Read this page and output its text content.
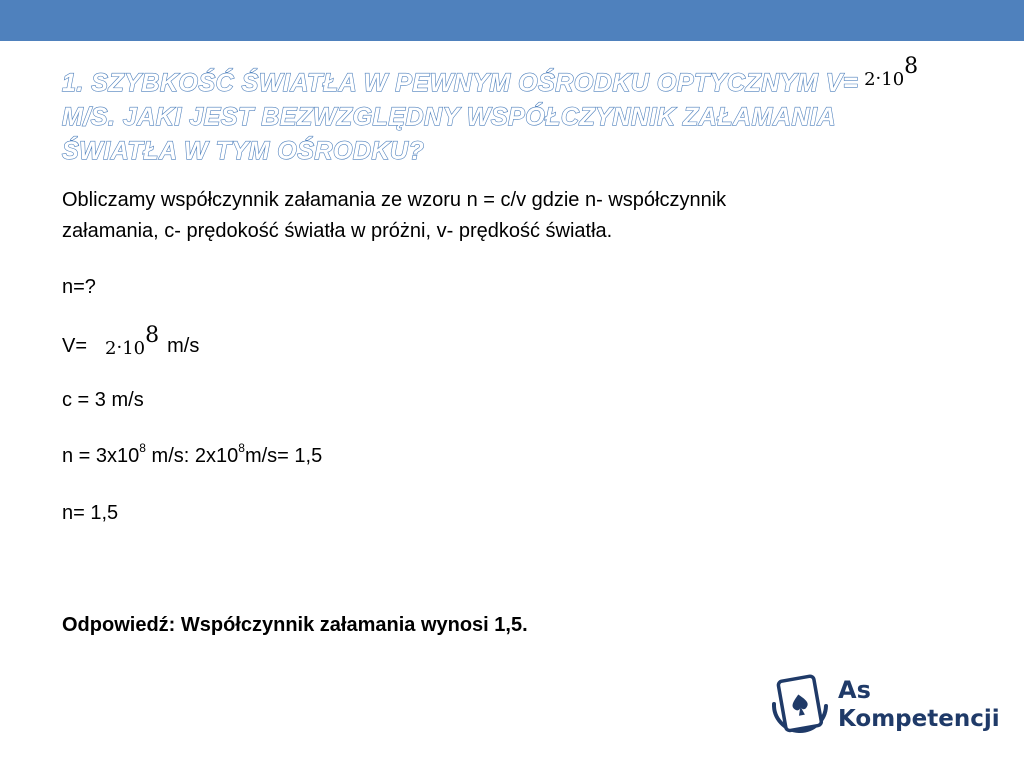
1. SZYBKOŚĆ ŚWIATŁA W PEWNYM OŚRODKU OPTYCZNYM V= 2·108
M/S. JAKI JEST BEZWZGLĘDNY WSPÓŁCZYNNIK ZAŁAMANIA
ŚWIATŁA W TYM OŚRODKU?
Obliczamy współczynnik załamania ze wzoru n = c/v gdzie n- współczynnik
załamania, c- prędokość światła w próżni, v- prędkość światła.
n=?
V= 2·108 m/s
c = 3 m/s
$n = 3x10^8$ m/s: $2x10^8m/s= 1,5$
n= 1,5
Odpowiedź: Współczynnik załamania wynosi 1,5.
As
Kompetencji
